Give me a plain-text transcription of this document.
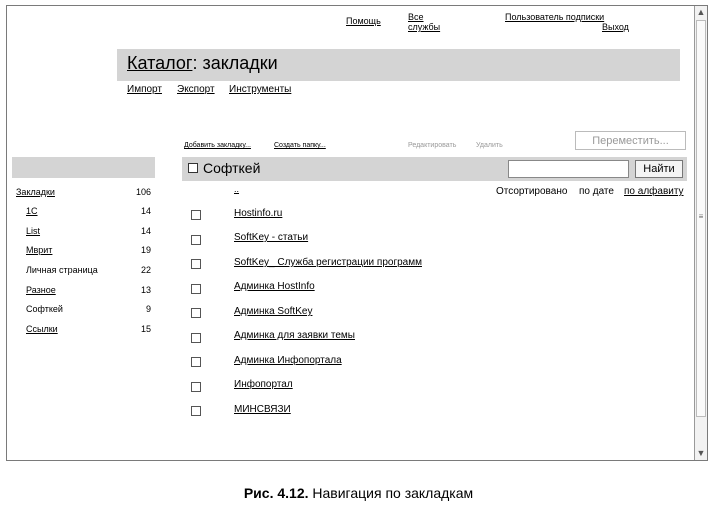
Помощь	Все
службы
Пользователь подписки
Выход
Каталог: закладки
Импорт Экспорт Инструменты
Добавить закладку...	Создать папку...	Редактировать	Удалить	Переместить...
Софткей	Найти
..	Отсортировано по дате по алфавиту
Закладки	106
1С	14
List	14
Мврит	19
Личная страница	22
Разное	13
Софткей	9
Ссылки	15
Hostinfo.ru
SoftKey - статьи
SoftKey_ Служба регистрации программ
Админка HostInfo
Админка SoftKey
Админка для заявки темы
Админка Инфопортала
Инфопортал
МИНСВЯЗИ
▲
≡
▼
Рис. 4.12. Навигация по закладкам
